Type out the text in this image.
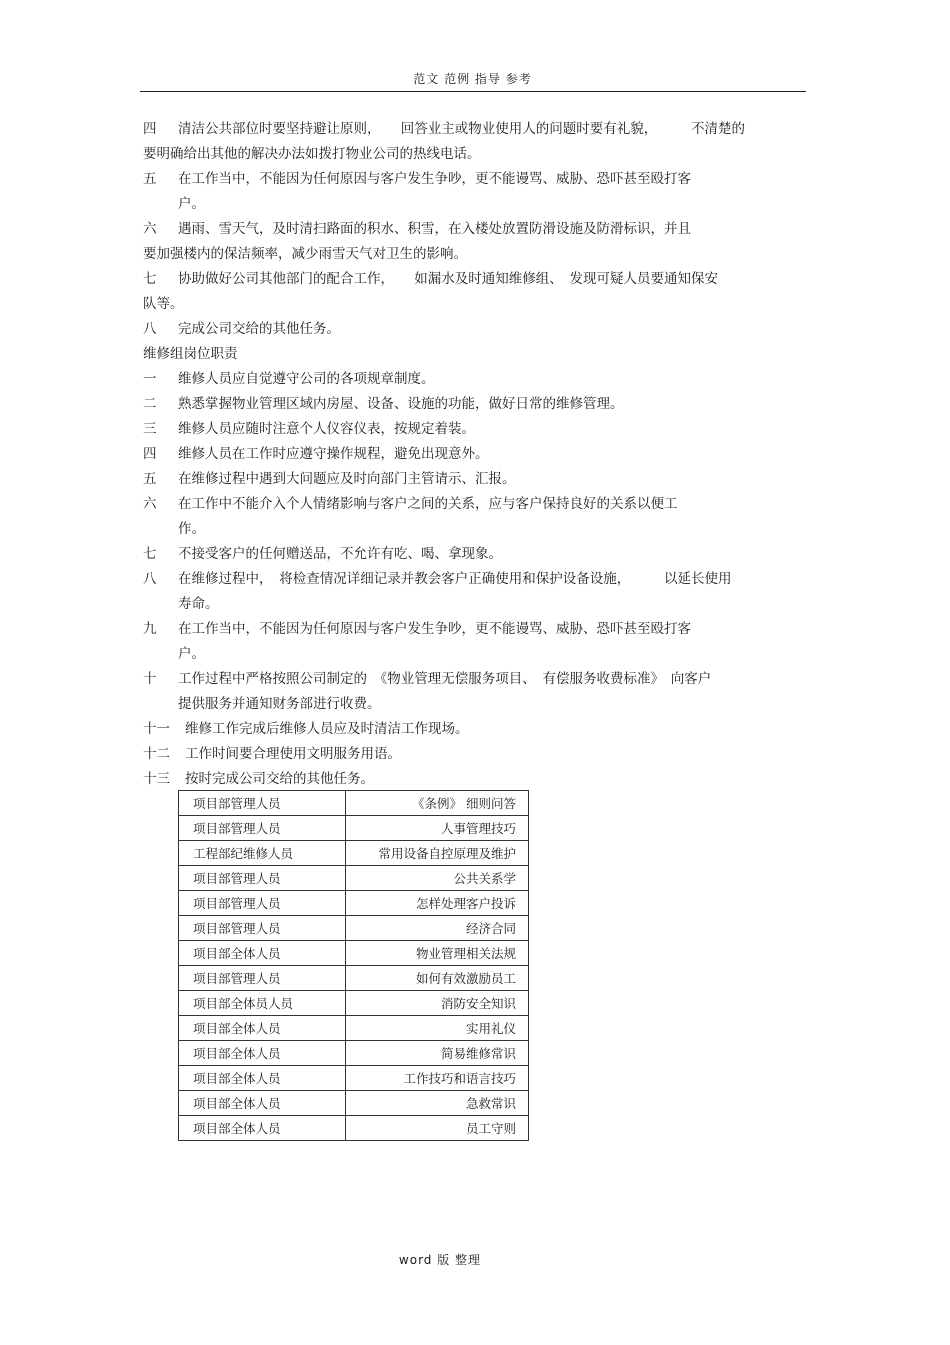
范文 范例 指导 参考
四 清洁公共部位时要坚持避让原则，　　回答业主或物业使用人的问题时要有礼貌，　　　不清楚的
要明确给出其他的解决办法如拨打物业公司的热线电话。
五 在工作当中，不能因为任何原因与客户发生争吵，更不能谩骂、威胁、恐吓甚至殴打客
户。
六 遇雨、雪天气，及时清扫路面的积水、积雪，在入楼处放置防滑设施及防滑标识，并且
要加强楼内的保洁频率，减少雨雪天气对卫生的影响。
七 协助做好公司其他部门的配合工作，　　如漏水及时通知维修组、　发现可疑人员要通知保安
队等。
八 完成公司交给的其他任务。
维修组岗位职责
一 维修人员应自觉遵守公司的各项规章制度。
二 熟悉掌握物业管理区域内房屋、设备、设施的功能，做好日常的维修管理。
三 维修人员应随时注意个人仪容仪表，按规定着装。
四 维修人员在工作时应遵守操作规程，避免出现意外。
五 在维修过程中遇到大问题应及时向部门主管请示、汇报。
六 在工作中不能介入个人情绪影响与客户之间的关系，应与客户保持良好的关系以便工
作。
七 不接受客户的任何赠送品，不允许有吃、喝、拿现象。
八 在维修过程中，　将检查情况详细记录并教会客户正确使用和保护设备设施，　　　以延长使用
寿命。
九 在工作当中，不能因为任何原因与客户发生争吵，更不能谩骂、威胁、恐吓甚至殴打客
户。
十 工作过程中严格按照公司制定的　《物业管理无偿服务项目、　有偿服务收费标准》　向客户
提供服务并通知财务部进行收费。
十一 维修工作完成后维修人员应及时清洁工作现场。
十二 工作时间要合理使用文明服务用语。
十三 按时完成公司交给的其他任务。
项目部管理人员	《条例》 细则问答
项目部管理人员	人事管理技巧
工程部纪维修人员	常用设备自控原理及维护
项目部管理人员	公共关系学
项目部管理人员	怎样处理客户投诉
项目部管理人员	经济合同
项目部全体人员	物业管理相关法规
项目部管理人员	如何有效激励员工
项目部全体员人员	消防安全知识
项目部全体人员	实用礼仪
项目部全体人员	简易维修常识
项目部全体人员	工作技巧和语言技巧
项目部全体人员	急救常识
项目部全体人员	员工守则
word 版 整理
